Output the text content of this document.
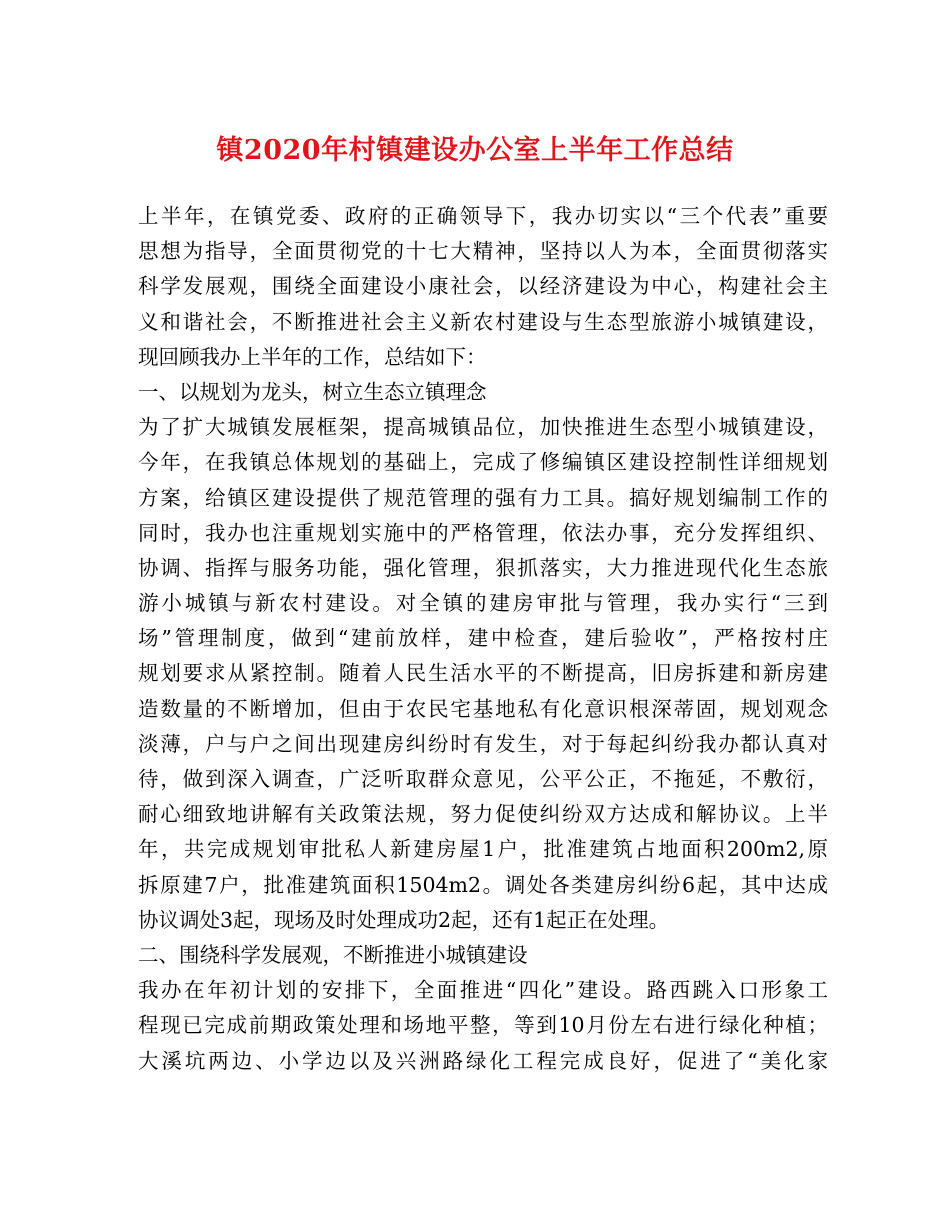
镇2020年村镇建设办公室上半年工作总结
上半年，在镇党委、政府的正确领导下，我办切实以“三个代表”重要
思想为指导，全面贯彻党的十七大精神，坚持以人为本，全面贯彻落实
科学发展观，围绕全面建设小康社会，以经济建设为中心，构建社会主
义和谐社会，不断推进社会主义新农村建设与生态型旅游小城镇建设，
现回顾我办上半年的工作，总结如下：
一、以规划为龙头，树立生态立镇理念
为了扩大城镇发展框架，提高城镇品位，加快推进生态型小城镇建设，
今年，在我镇总体规划的基础上，完成了修编镇区建设控制性详细规划
方案，给镇区建设提供了规范管理的强有力工具。搞好规划编制工作的
同时，我办也注重规划实施中的严格管理，依法办事，充分发挥组织、
协调、指挥与服务功能，强化管理，狠抓落实，大力推进现代化生态旅
游小城镇与新农村建设。对全镇的建房审批与管理，我办实行“三到
场”管理制度，做到“建前放样，建中检查，建后验收”，严格按村庄
规划要求从紧控制。随着人民生活水平的不断提高，旧房拆建和新房建
造数量的不断增加，但由于农民宅基地私有化意识根深蒂固，规划观念
淡薄，户与户之间出现建房纠纷时有发生，对于每起纠纷我办都认真对
待，做到深入调查，广泛听取群众意见，公平公正，不拖延，不敷衍，
耐心细致地讲解有关政策法规，努力促使纠纷双方达成和解协议。上半
年，共完成规划审批私人新建房屋1户，批准建筑占地面积200m2,原
拆原建7户，批准建筑面积1504m2。调处各类建房纠纷6起，其中达成
协议调处3起，现场及时处理成功2起，还有1起正在处理。
二、围绕科学发展观，不断推进小城镇建设
我办在年初计划的安排下，全面推进“四化”建设。路西跳入口形象工
程现已完成前期政策处理和场地平整，等到10月份左右进行绿化种植；
大溪坑两边、小学边以及兴洲路绿化工程完成良好，促进了“美化家
